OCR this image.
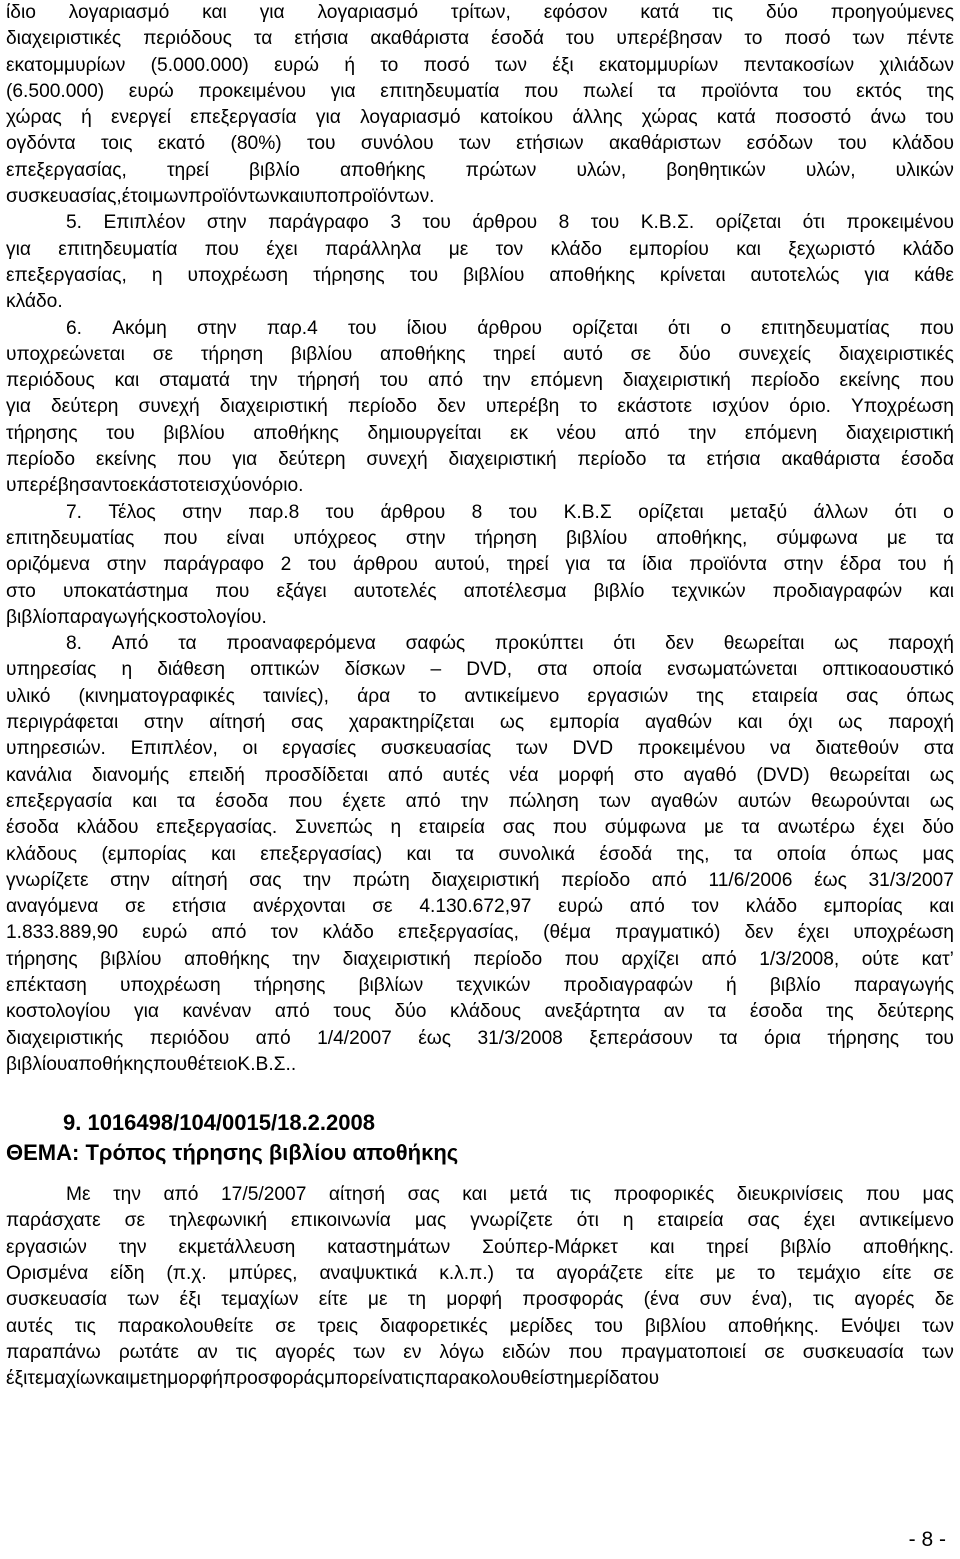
ίδιο λογαριασμό και για λογαριασμό τρίτων, εφόσον κατά τις δύο προηγούμενες
διαχειριστικές περιόδους τα ετήσια ακαθάριστα έσοδά του υπερέβησαν το ποσό των πέντε
εκατομμυρίων (5.000.000) ευρώ ή το ποσό των έξι εκατομμυρίων πεντακοσίων χιλιάδων
(6.500.000) ευρώ προκειμένου για επιτηδευματία που πωλεί τα προϊόντα του εκτός της
χώρας ή ενεργεί επεξεργασία για λογαριασμό κατοίκου άλλης χώρας κατά ποσοστό άνω του
ογδόντα τοις εκατό (80%) του συνόλου των ετήσιων ακαθάριστων εσόδων του κλάδου
επεξεργασίας, τηρεί βιβλίο αποθήκης πρώτων υλών, βοηθητικών υλών, υλικών
συσκευασίας, έτοιμων προϊόντων και υποπροϊόντων.
5. Επιπλέον στην παράγραφο 3 του άρθρου 8 του Κ.Β.Σ. ορίζεται ότι προκειμένου
για επιτηδευματία που έχει παράλληλα με τον κλάδο εμπορίου και ξεχωριστό κλάδο
επεξεργασίας, η υποχρέωση τήρησης του βιβλίου αποθήκης κρίνεται αυτοτελώς για κάθε
κλάδο.
6. Ακόμη στην παρ.4 του ίδιου άρθρου ορίζεται ότι ο επιτηδευματίας που
υποχρεώνεται σε τήρηση βιβλίου αποθήκης τηρεί αυτό σε δύο συνεχείς διαχειριστικές
περιόδους και σταματά την τήρησή του από την επόμενη διαχειριστική περίοδο εκείνης που
για δεύτερη συνεχή διαχειριστική περίοδο δεν υπερέβη το εκάστοτε ισχύον όριο. Υποχρέωση
τήρησης του βιβλίου αποθήκης δημιουργείται εκ νέου από την επόμενη διαχειριστική
περίοδο εκείνης που για δεύτερη συνεχή διαχειριστική περίοδο τα ετήσια ακαθάριστα έσοδα
υπερέβησαν το εκάστοτε ισχύον όριο.
7. Τέλος στην παρ.8 του άρθρου 8 του Κ.Β.Σ ορίζεται μεταξύ άλλων ότι ο
επιτηδευματίας που είναι υπόχρεος στην τήρηση βιβλίου αποθήκης, σύμφωνα με τα
οριζόμενα στην παράγραφο 2 του άρθρου αυτού, τηρεί για τα ίδια προϊόντα στην έδρα του ή
στο υποκατάστημα που εξάγει αυτοτελές αποτέλεσμα βιβλίο τεχνικών προδιαγραφών και
βιβλίο παραγωγής κοστολογίου.
8. Από τα προαναφερόμενα σαφώς προκύπτει ότι δεν θεωρείται ως παροχή
υπηρεσίας η διάθεση οπτικών δίσκων – DVD, στα οποία ενσωματώνεται οπτικοαουστικό
υλικό (κινηματογραφικές ταινίες), άρα το αντικείμενο εργασιών της εταιρεία σας όπως
περιγράφεται στην αίτησή σας χαρακτηρίζεται ως εμπορία αγαθών και όχι ως παροχή
υπηρεσιών. Επιπλέον, οι εργασίες συσκευασίας των DVD προκειμένου να διατεθούν στα
κανάλια διανομής επειδή προσδίδεται από αυτές νέα μορφή στο αγαθό (DVD) θεωρείται ως
επεξεργασία και τα έσοδα που έχετε από την πώληση των αγαθών αυτών θεωρούνται ως
έσοδα κλάδου επεξεργασίας. Συνεπώς η εταιρεία σας που σύμφωνα με τα ανωτέρω έχει δύο
κλάδους (εμπορίας και επεξεργασίας) και τα συνολικά έσοδά της, τα οποία όπως μας
γνωρίζετε στην αίτησή σας την πρώτη διαχειριστική περίοδο από 11/6/2006 έως 31/3/2007
αναγόμενα σε ετήσια ανέρχονται σε 4.130.672,97 ευρώ από τον κλάδο εμπορίας και
1.833.889,90 ευρώ από τον κλάδο επεξεργασίας, (θέμα πραγματικό) δεν έχει υποχρέωση
τήρησης βιβλίου αποθήκης την διαχειριστική περίοδο που αρχίζει από 1/3/2008, ούτε κατ’
επέκταση υποχρέωση τήρησης βιβλίων τεχνικών προδιαγραφών ή βιβλίο παραγωγής
κοστολογίου για κανέναν από τους δύο κλάδους ανεξάρτητα αν τα έσοδα της δεύτερης
διαχειριστικής περιόδου από 1/4/2007 έως 31/3/2008 ξεπεράσουν τα όρια τήρησης του
βιβλίου αποθήκης που θέτει ο Κ.Β.Σ..
9. 1016498/104/0015/18.2.2008
ΘΕΜΑ: Τρόπος τήρησης βιβλίου αποθήκης
Με την από 17/5/2007 αίτησή σας και μετά τις προφορικές διευκρινίσεις που μας
παράσχατε σε τηλεφωνική επικοινωνία μας γνωρίζετε ότι η εταιρεία σας έχει αντικείμενο
εργασιών την εκμετάλλευση καταστημάτων Σούπερ-Μάρκετ και τηρεί βιβλίο αποθήκης.
Ορισμένα είδη (π.χ. μπύρες, αναψυκτικά κ.λ.π.) τα αγοράζετε είτε με το τεμάχιο είτε σε
συσκευασία των έξι τεμαχίων είτε με τη μορφή προσφοράς (ένα συν ένα), τις αγορές δε
αυτές τις παρακολουθείτε σε τρεις διαφορετικές μερίδες του βιβλίου αποθήκης. Ενόψει των
παραπάνω ρωτάτε αν τις αγορές των εν λόγω ειδών που πραγματοποιεί σε συσκευασία των
έξι τεμαχίων και με τη μορφή προσφοράς μπορεί να τις παρακολουθεί στη μερίδα του
- 8 -
